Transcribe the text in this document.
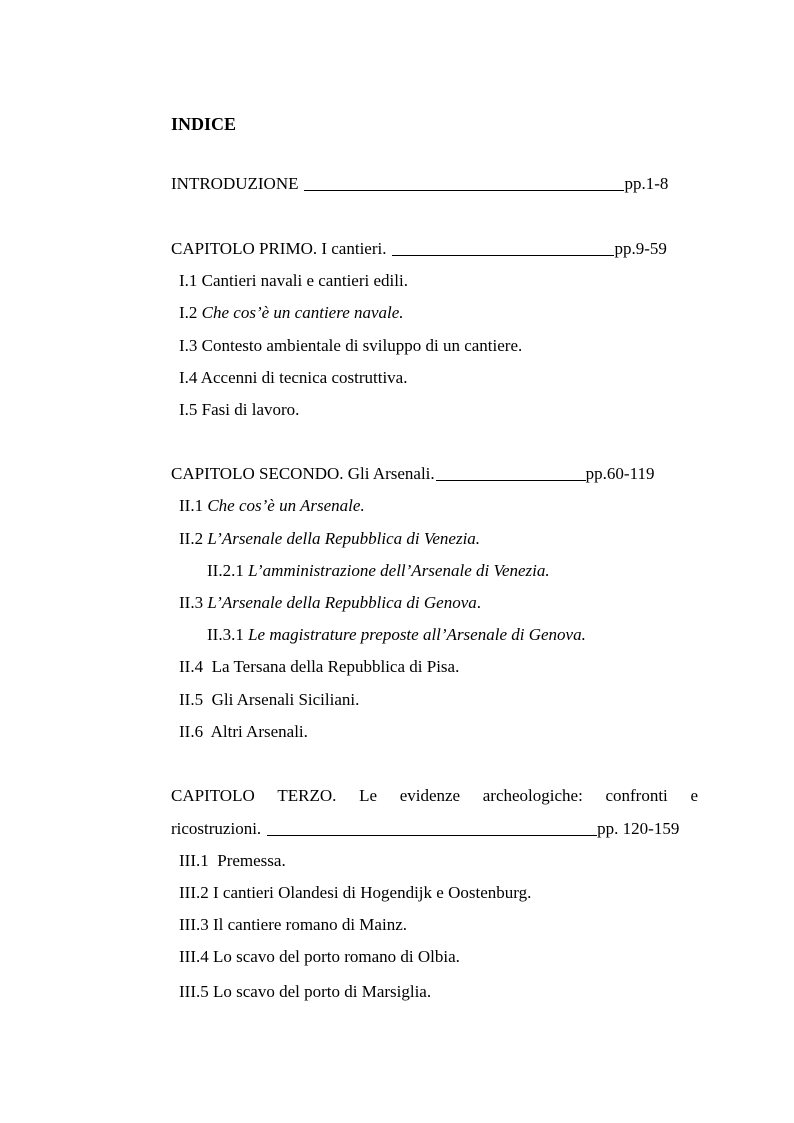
INDICE
INTRODUZIONE	pp.1-8
CAPITOLO PRIMO. I cantieri.	pp.9-59
I.1 Cantieri navali e cantieri edili.
I.2 Che cos’è un cantiere navale.
I.3 Contesto ambientale di sviluppo di un cantiere.
I.4 Accenni di tecnica costruttiva.
I.5 Fasi di lavoro.
CAPITOLO SECONDO. Gli Arsenali.	pp.60-119
II.1 Che cos’è un Arsenale.
II.2 L’Arsenale della Repubblica di Venezia.
II.2.1 L’amministrazione dell’Arsenale di Venezia.
II.3 L’Arsenale della Repubblica di Genova.
II.3.1 Le magistrature preposte all’Arsenale di Genova.
II.4 La Tersana della Repubblica di Pisa.
II.5 Gli Arsenali Siciliani.
II.6 Altri Arsenali.
CAPITOLO TERZO. Le evidenze archeologiche: confronti e
ricostruzioni.	pp. 120-159
III.1 Premessa.
III.2 I cantieri Olandesi di Hogendijk e Oostenburg.
III.3 Il cantiere romano di Mainz.
III.4 Lo scavo del porto romano di Olbia.
III.5 Lo scavo del porto di Marsiglia.
